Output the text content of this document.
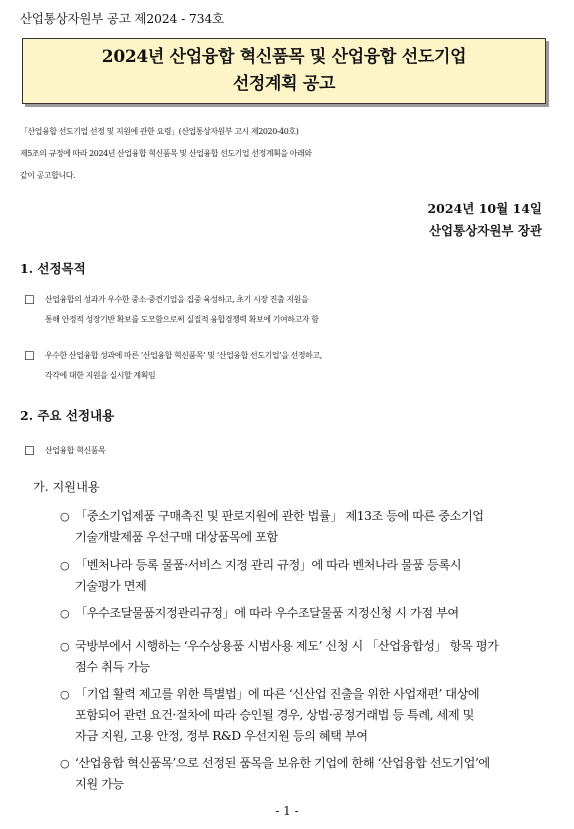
산업통상자원부 공고 제2024 - 734호
2024년 산업융합 혁신품목 및 산업융합 선도기업
선정계획 공고
「산업융합 선도기업 선정 및 지원에 관한 요령」(산업통상자원부 고시 제2020-40호)
제5조의 규정에 따라 2024년 산업융합 혁신품목 및 산업융합 선도기업 선정계획을 아래와
같이 공고합니다.
2024년 10월 14일
산업통상자원부 장관
1. 선정목적
☐	산업융합의 성과가 우수한 중소·중견기업을 집중 육성하고, 초기 시장 진출 지원을
통해 안정적 성장기반 확보를 도모함으로써 실질적 융합경쟁력 확보에 기여하고자 함
☐	우수한 산업융합 성과에 따른 ‘산업융합 혁신품목’ 및 ‘산업융합 선도기업’을 선정하고,
각각에 대한 지원을 실시할 계획임
2. 주요 선정내용
☐	산업융합 혁신품목
가. 지원내용
○ 「중소기업제품 구매촉진 및 판로지원에 관한 법률」 제13조 등에 따른 중소기업
기술개발제품 우선구매 대상품목에 포함
○ 「벤처나라 등록 물품·서비스 지정 관리 규정」에 따라 벤처나라 물품 등록시
기술평가 면제
○ 「우수조달물품지정관리규정」에 따라 우수조달물품 지정신청 시 가점 부여
○ 국방부에서 시행하는 ‘우수상용품 시범사용 제도’ 신청 시 「산업융합성」 항목 평가
점수 취득 가능
○ 「기업 활력 제고를 위한 특별법」에 따른 ‘신산업 진출을 위한 사업재편’ 대상에
포함되어 관련 요건·절차에 따라 승인될 경우, 상법·공정거래법 등 특례, 세제 및
자금 지원, 고용 안정, 정부 R&D 우선지원 등의 혜택 부여
○ ‘산업융합 혁신품목’으로 선정된 품목을 보유한 기업에 한해 ‘산업융합 선도기업’에
지원 가능
- 1 -
